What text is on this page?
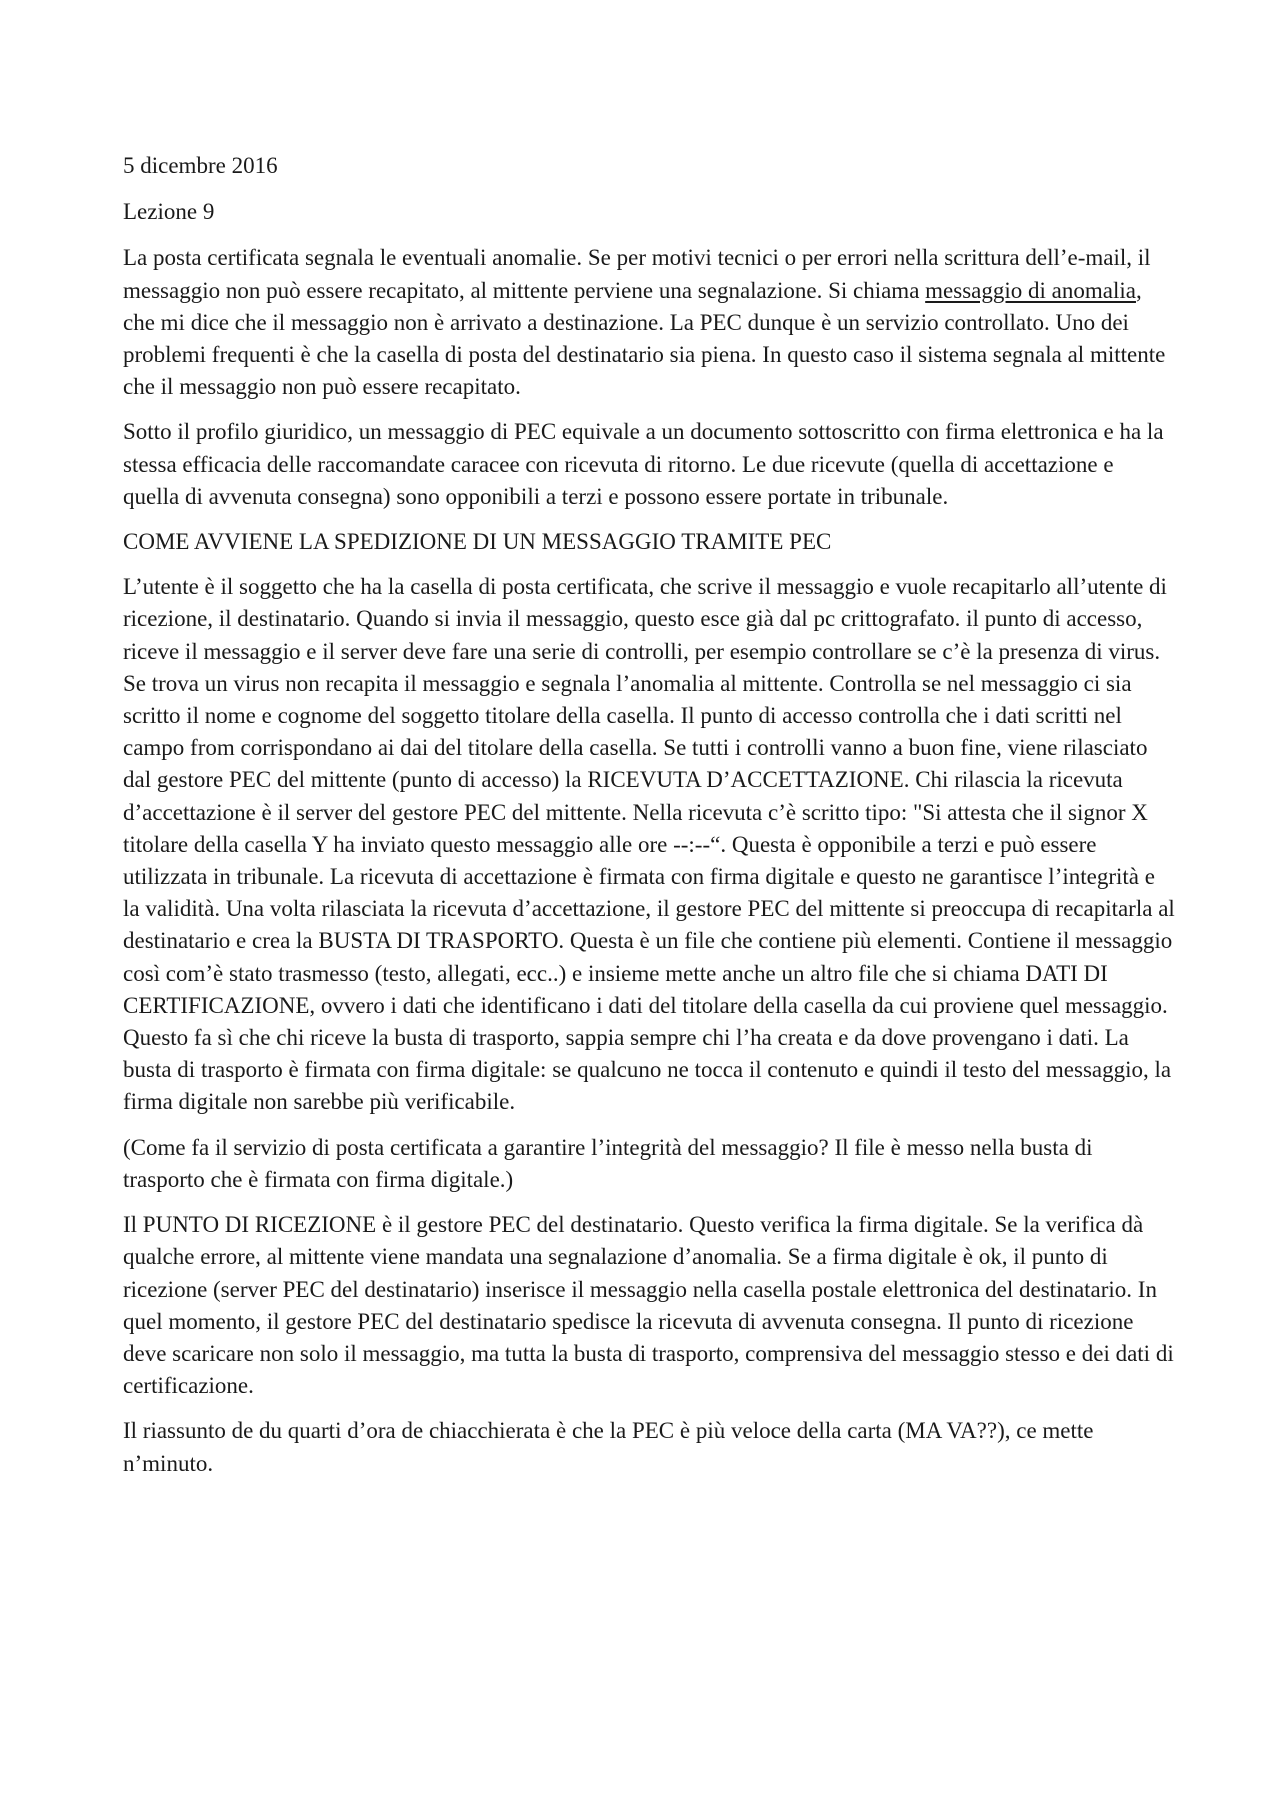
5 dicembre 2016

Lezione 9

La posta certificata segnala le eventuali anomalie. Se per motivi tecnici o per errori nella scrittura dell’e-mail, il messaggio non può essere recapitato, al mittente perviene una segnalazione. Si chiama messaggio di anomalia, che mi dice che il messaggio non è arrivato a destinazione. La PEC dunque è un servizio controllato. Uno dei problemi frequenti è che la casella di posta del destinatario sia piena. In questo caso il sistema segnala al mittente che il messaggio non può essere recapitato.

Sotto il profilo giuridico, un messaggio di PEC equivale a un documento sottoscritto con firma elettronica e ha la stessa efficacia delle raccomandate caracee con ricevuta di ritorno. Le due ricevute (quella di accettazione e quella di avvenuta consegna) sono opponibili a terzi e possono essere portate in tribunale.

COME AVVIENE LA SPEDIZIONE DI UN MESSAGGIO TRAMITE PEC

L’utente è il soggetto che ha la casella di posta certificata, che scrive il messaggio e vuole recapitarlo all’utente di ricezione, il destinatario. Quando si invia il messaggio, questo esce già dal pc crittografato. il punto di accesso, riceve il messaggio e il server deve fare una serie di controlli, per esempio controllare se c’è la presenza di virus. Se trova un virus non recapita il messaggio e segnala l’anomalia al mittente. Controlla se nel messaggio ci sia scritto il nome e cognome del soggetto titolare della casella. Il punto di accesso controlla che i dati scritti nel campo from corrispondano ai dai del titolare della casella. Se tutti i controlli vanno a buon fine, viene rilasciato dal gestore PEC del mittente (punto di accesso) la RICEVUTA D’ACCETTAZIONE. Chi rilascia la ricevuta d’accettazione è il server del gestore PEC del mittente. Nella ricevuta c’è scritto tipo: "Si attesta che il signor X titolare della casella Y ha inviato questo messaggio alle ore --:--“. Questa è opponibile a terzi e può essere utilizzata in tribunale. La ricevuta di accettazione è firmata con firma digitale e questo ne garantisce l’integrità e la validità. Una volta rilasciata la ricevuta d’accettazione, il gestore PEC del mittente si preoccupa di recapitarla al destinatario e crea la BUSTA DI TRASPORTO. Questa è un file che contiene più elementi. Contiene il messaggio così com’è stato trasmesso (testo, allegati, ecc..) e insieme mette anche un altro file che si chiama DATI DI CERTIFICAZIONE, ovvero i dati che identificano i dati del titolare della casella da cui proviene quel messaggio. Questo fa sì che chi riceve la busta di trasporto, sappia sempre chi l’ha creata e da dove provengano i dati. La busta di trasporto è firmata con firma digitale: se qualcuno ne tocca il contenuto e quindi il testo del messaggio, la firma digitale non sarebbe più verificabile.

(Come fa il servizio di posta certificata a garantire l’integrità del messaggio? Il file è messo nella busta di trasporto che è firmata con firma digitale.)

Il PUNTO DI RICEZIONE è il gestore PEC del destinatario. Questo verifica la firma digitale. Se la verifica dà qualche errore, al mittente viene mandata una segnalazione d’anomalia. Se a firma digitale è ok, il punto di ricezione (server PEC del destinatario) inserisce il messaggio nella casella postale elettronica del destinatario. In quel momento, il gestore PEC del destinatario spedisce la ricevuta di avvenuta consegna. Il punto di ricezione deve scaricare non solo il messaggio, ma tutta la busta di trasporto, comprensiva del messaggio stesso e dei dati di certificazione.

Il riassunto de du quarti d’ora de chiacchierata è che la PEC è più veloce della carta (MA VA??), ce mette n’minuto.
